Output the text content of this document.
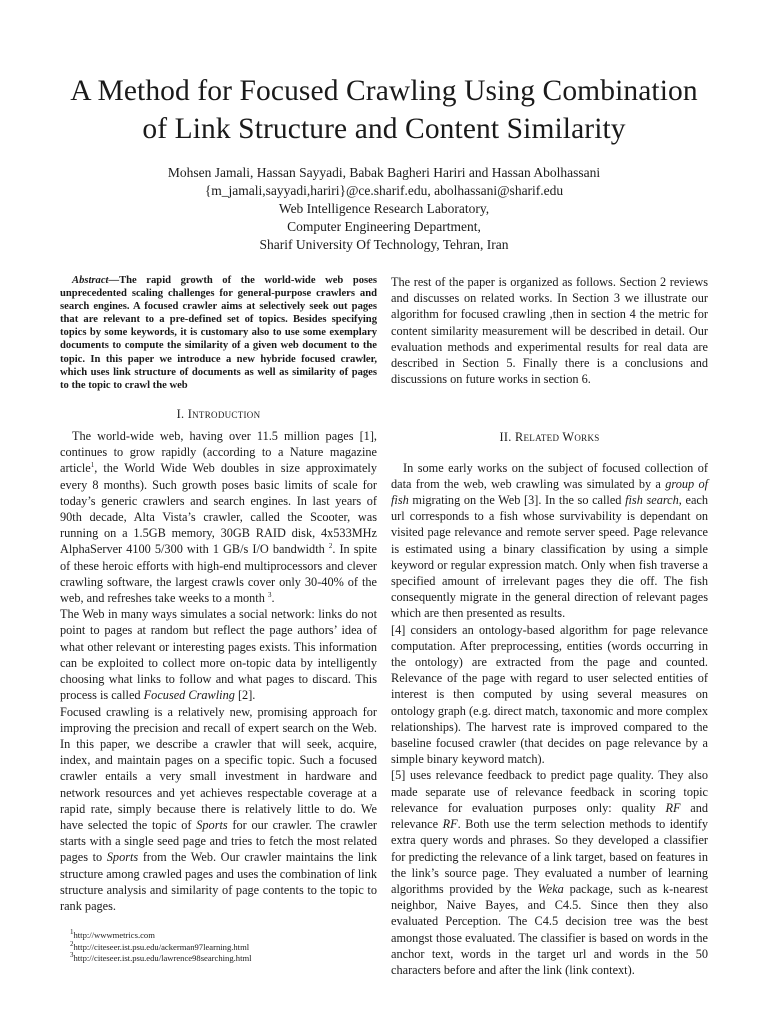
A Method for Focused Crawling Using Combination
of Link Structure and Content Similarity
Mohsen Jamali, Hassan Sayyadi, Babak Bagheri Hariri and Hassan Abolhassani
{m_jamali,sayyadi,hariri}@ce.sharif.edu, abolhassani@sharif.edu
Web Intelligence Research Laboratory,
Computer Engineering Department,
Sharif University Of Technology, Tehran, Iran

Abstract—The rapid growth of the world-wide web poses unprecedented scaling challenges for general-purpose crawlers and search engines. A focused crawler aims at selectively seek out pages that are relevant to a pre-defined set of topics. Besides specifying topics by some keywords, it is customary also to use some exemplary documents to compute the similarity of a given web document to the topic. In this paper we introduce a new hybride focused crawler, which uses link structure of documents as well as similarity of pages to the topic to crawl the web

I. Introduction

The world-wide web, having over 11.5 million pages [1], continues to grow rapidly (according to a Nature magazine article$^1$, the World Wide Web doubles in size approximately every 8 months). Such growth poses basic limits of scale for today’s generic crawlers and search engines. In last years of 90th decade, Alta Vista’s crawler, called the Scooter, was running on a 1.5GB memory, 30GB RAID disk, 4x533MHz AlphaServer 4100 5/300 with 1 GB/s I/O bandwidth $^2$. In spite of these heroic efforts with high-end multiprocessors and clever crawling software, the largest crawls cover only 30-40% of the web, and refreshes take weeks to a month $^3$.

The Web in many ways simulates a social network: links do not point to pages at random but reflect the page authors’ idea of what other relevant or interesting pages exists. This information can be exploited to collect more on-topic data by intelligently choosing what links to follow and what pages to discard. This process is called Focused Crawling [2].

Focused crawling is a relatively new, promising approach for improving the precision and recall of expert search on the Web. In this paper, we describe a crawler that will seek, acquire, index, and maintain pages on a specific topic. Such a focused crawler entails a very small investment in hardware and network resources and yet achieves respectable coverage at a rapid rate, simply because there is relatively little to do. We have selected the topic of Sports for our crawler. The crawler starts with a single seed page and tries to fetch the most related pages to Sports from the Web. Our crawler maintains the link structure among crawled pages and uses the combination of link structure analysis and similarity of page contents to the topic to rank pages.

$^1$http://wwwmetrics.com
$^2$http://citeseer.ist.psu.edu/ackerman97learning.html
$^3$http://citeseer.ist.psu.edu/lawrence98searching.html

The rest of the paper is organized as follows. Section 2 reviews and discusses on related works. In Section 3 we illustrate our algorithm for focused crawling ,then in section 4 the metric for content similarity measurement will be described in detail. Our evaluation methods and experimental results for real data are described in Section 5. Finally there is a conclusions and discussions on future works in section 6.

II. Related Works

In some early works on the subject of focused collection of data from the web, web crawling was simulated by a group of fish migrating on the Web [3]. In the so called fish search, each url corresponds to a fish whose survivability is dependant on visited page relevance and remote server speed. Page relevance is estimated using a binary classification by using a simple keyword or regular expression match. Only when fish traverse a specified amount of irrelevant pages they die off. The fish consequently migrate in the general direction of relevant pages which are then presented as results.

[4] considers an ontology-based algorithm for page relevance computation. After preprocessing, entities (words occurring in the ontology) are extracted from the page and counted. Relevance of the page with regard to user selected entities of interest is then computed by using several measures on ontology graph (e.g. direct match, taxonomic and more complex relationships). The harvest rate is improved compared to the baseline focused crawler (that decides on page relevance by a simple binary keyword match).

[5] uses relevance feedback to predict page quality. They also made separate use of relevance feedback in scoring topic relevance for evaluation purposes only: quality RF and relevance RF. Both use the term selection methods to identify extra query words and phrases. So they developed a classifier for predicting the relevance of a link target, based on features in the link’s source page. They evaluated a number of learning algorithms provided by the Weka package, such as k-nearest neighbor, Naive Bayes, and C4.5. Since then they also evaluated Perception. The C4.5 decision tree was the best amongst those evaluated. The classifier is based on words in the anchor text, words in the target url and words in the 50 characters before and after the link (link context).
